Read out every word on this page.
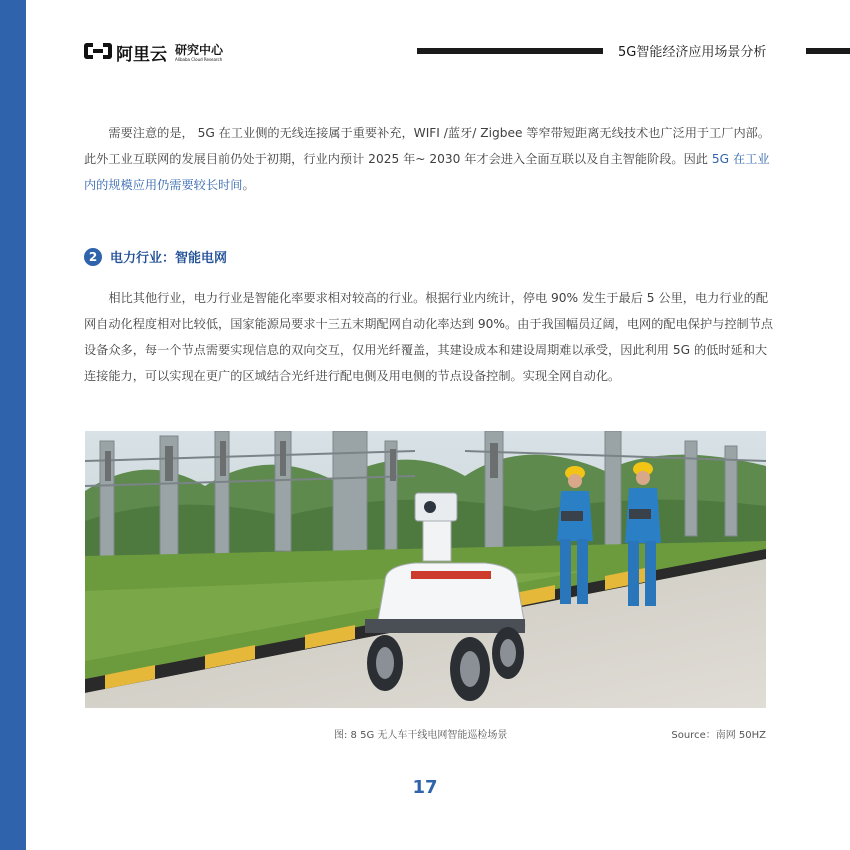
阿里云 研究中心
Alibaba Cloud Research	5G智能经济应用场景分析

需要注意的是， 5G 在工业侧的无线连接属于重要补充，WIFI /蓝牙/ Zigbee 等窄带短距离无线技术也广泛用于工厂内部。此外工业互联网的发展目前仍处于初期，行业内预计 2025 年~ 2030 年才会进入全面互联以及自主智能阶段。因此 5G 在工业内的规模应用仍需要较长时间。

2 电力行业：智能电网

相比其他行业，电力行业是智能化率要求相对较高的行业。根据行业内统计，停电 90% 发生于最后 5 公里，电力行业的配网自动化程度相对比较低，国家能源局要求十三五末期配网自动化率达到 90%。由于我国幅员辽阔，电网的配电保护与控制节点设备众多，每一个节点需要实现信息的双向交互，仅用光纤覆盖，其建设成本和建设周期难以承受，因此利用 5G 的低时延和大连接能力，可以实现在更广的区域结合光纤进行配电侧及用电侧的节点设备控制。实现全网自动化。

图: 8 5G 无人车干线电网智能巡检场景	Source：南网 50HZ
17
